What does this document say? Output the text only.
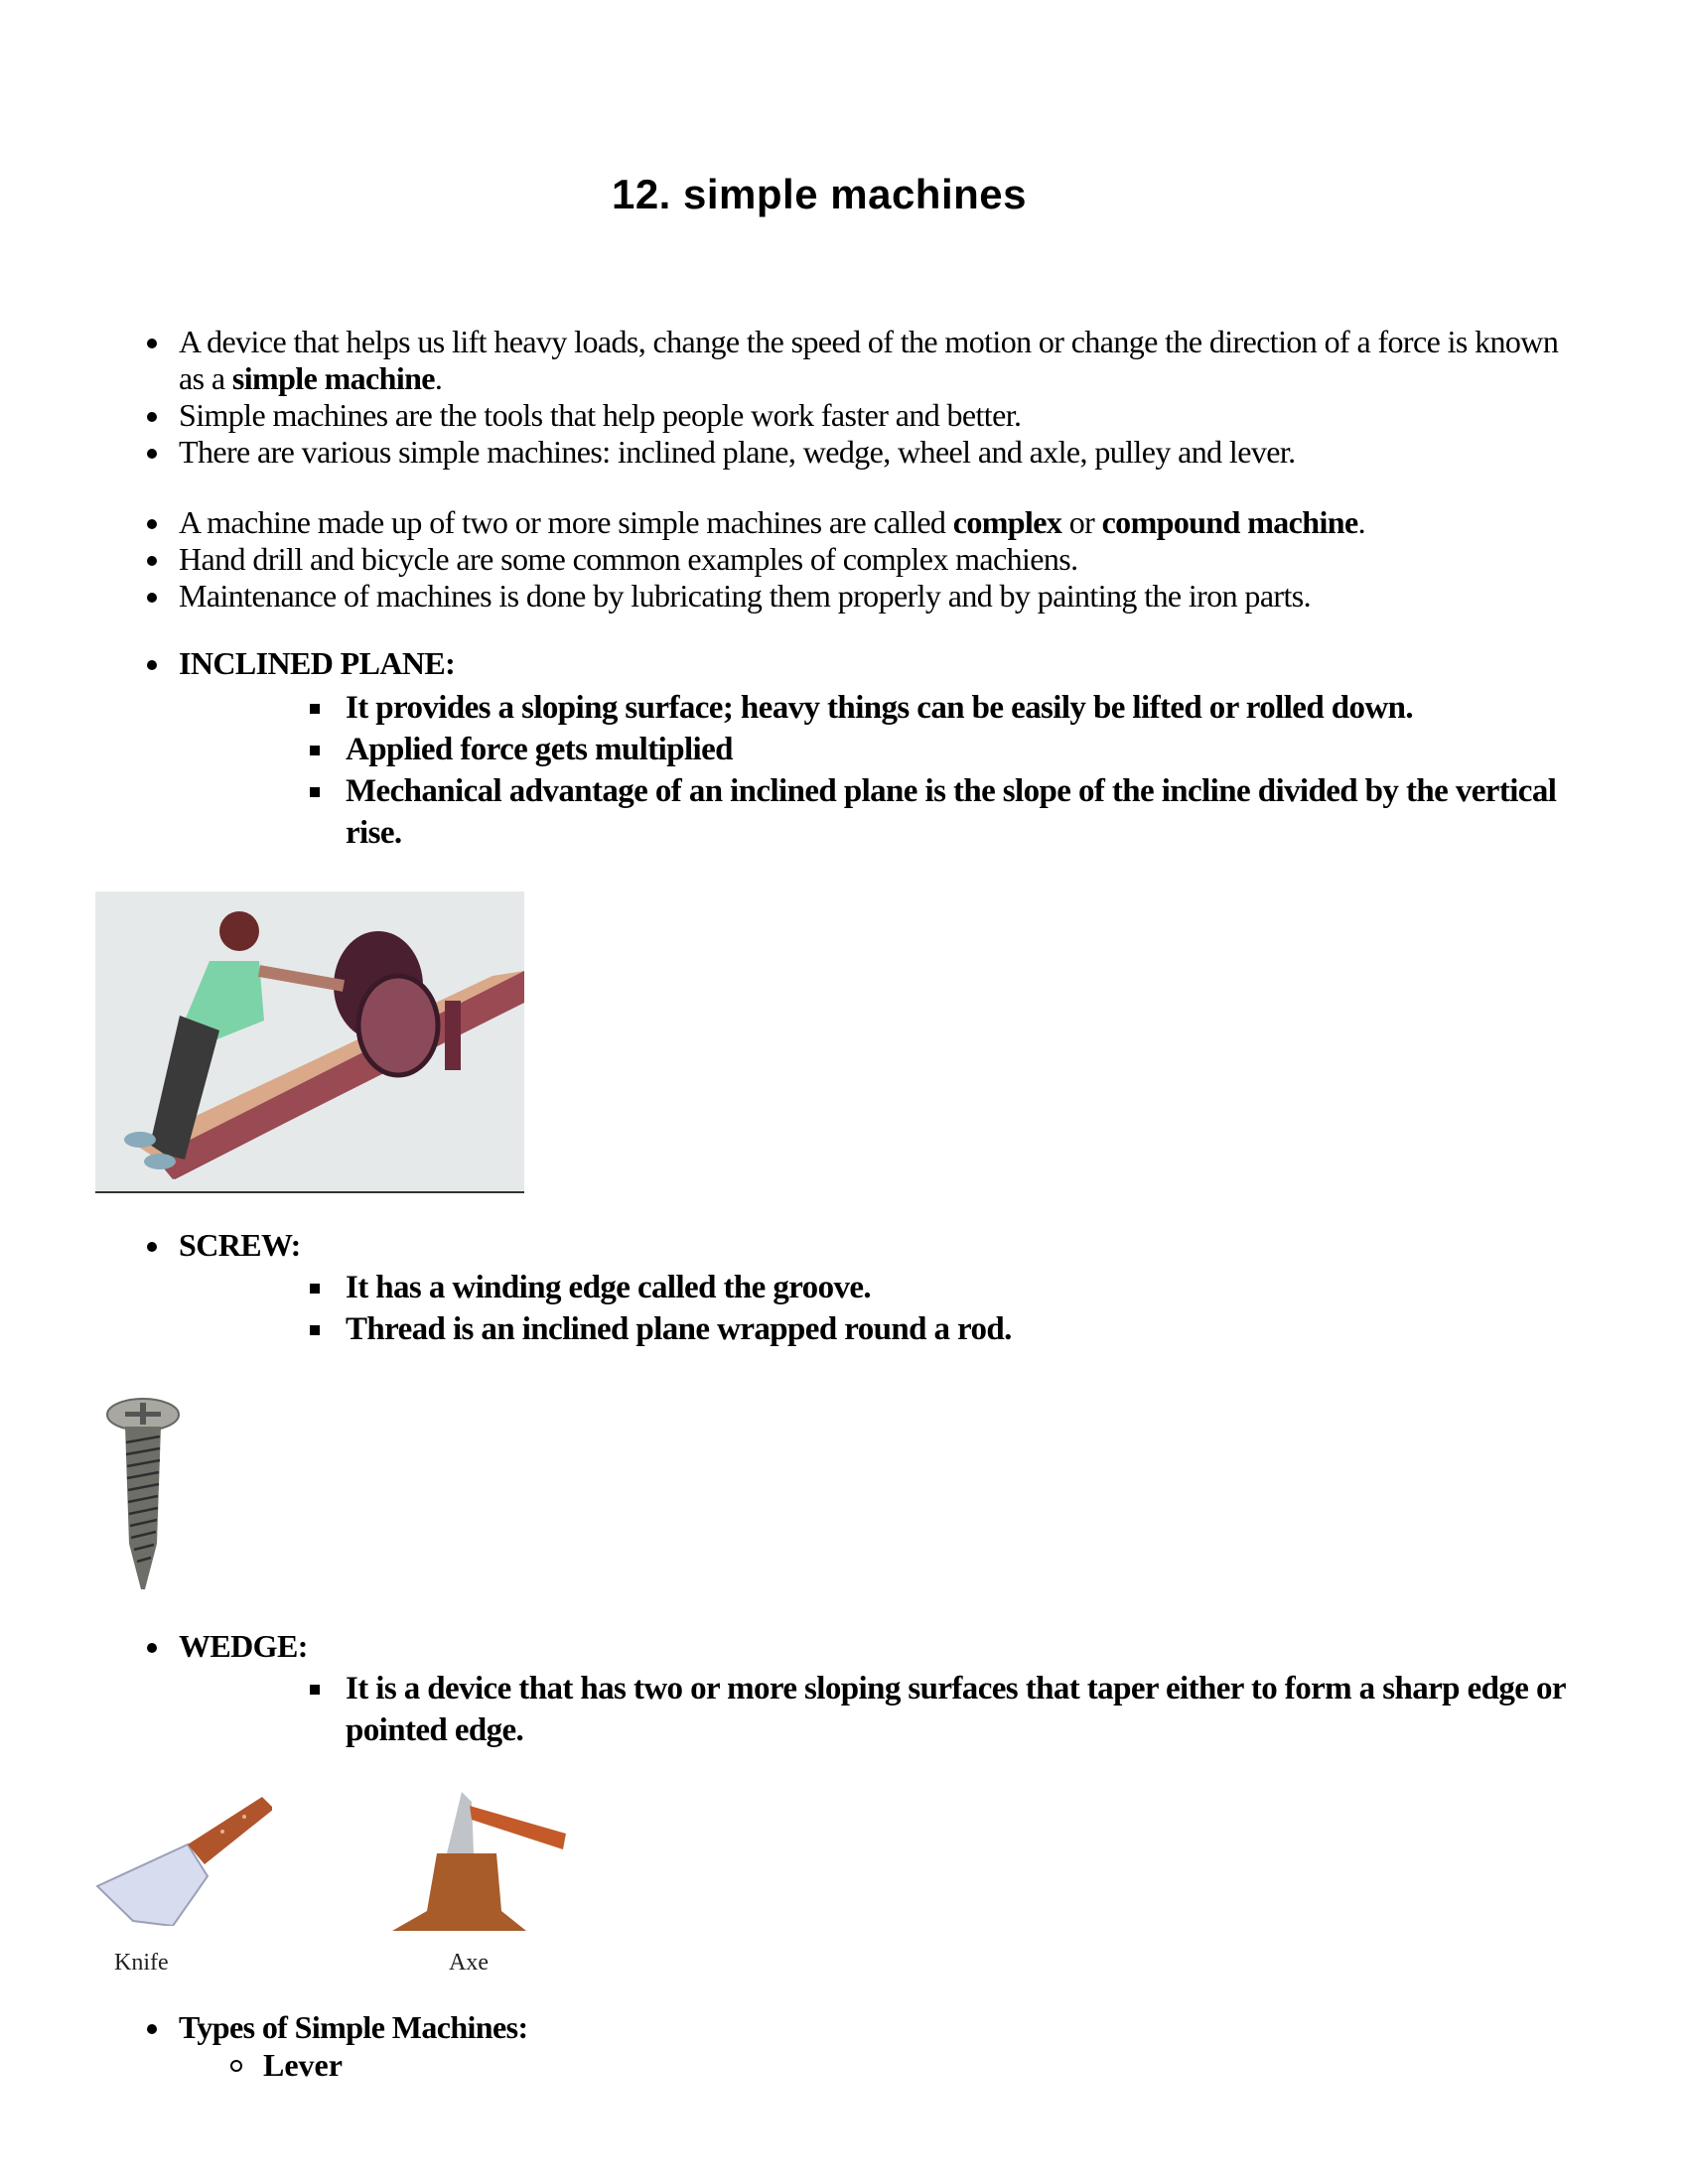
12. simple machines
A device that helps us lift heavy loads, change the speed of the motion or change the direction of a force is known as a simple machine.
Simple machines are the tools that help people work faster and better.
There are various simple machines: inclined plane, wedge, wheel and axle, pulley and lever.
A machine made up of two or more simple machines are called complex or compound machine.
Hand drill and bicycle are some common examples of complex machiens.
Maintenance of machines is done by lubricating them properly and by painting the iron parts.
INCLINED PLANE:
It provides a sloping surface; heavy things can be easily be lifted or rolled down.
Applied force gets multiplied
Mechanical advantage of an inclined plane is the slope of the incline divided by the vertical rise.
SCREW:
It has a winding edge called the groove.
Thread is an inclined plane wrapped round a rod.
WEDGE:
It is a device that has two or more sloping surfaces that taper either to form a sharp edge or pointed edge.
Knife	Axe
Types of Simple Machines:
Lever
